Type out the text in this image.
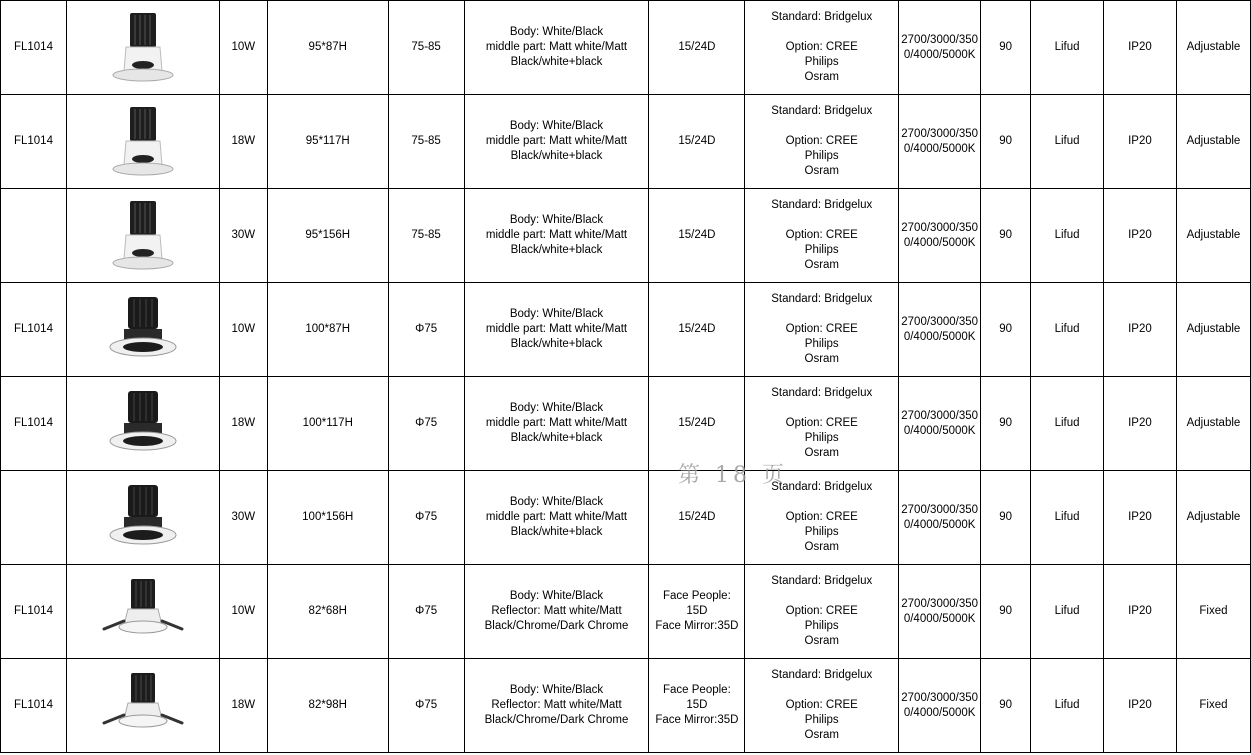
FL1014		10W	95*87H	75-85	Body: White/Black
middle part: Matt white/Matt
Black/white+black	15/24D	Standard: Bridgelux
Option: CREE
Philips
Osram	2700/3000/350
0/4000/5000K	90	Lifud	IP20	Adjustable
FL1014		18W	95*117H	75-85	Body: White/Black
middle part: Matt white/Matt
Black/white+black	15/24D	Standard: Bridgelux
Option: CREE
Philips
Osram	2700/3000/350
0/4000/5000K	90	Lifud	IP20	Adjustable

	30W	95*156H	75-85	Body: White/Black
middle part: Matt white/Matt
Black/white+black	15/24D	Standard: Bridgelux
Option: CREE
Philips
Osram	2700/3000/350
0/4000/5000K	90	Lifud	IP20	Adjustable
FL1014		10W	100*87H	Φ75	Body: White/Black
middle part: Matt white/Matt
Black/white+black	15/24D	Standard: Bridgelux
Option: CREE
Philips
Osram	2700/3000/350
0/4000/5000K	90	Lifud	IP20	Adjustable
FL1014		18W	100*117H	Φ75	Body: White/Black
middle part: Matt white/Matt
Black/white+black	15/24D	Standard: Bridgelux
Option: CREE
Philips
Osram	2700/3000/350
0/4000/5000K	90	Lifud	IP20	Adjustable

	30W	100*156H	Φ75	Body: White/Black
middle part: Matt white/Matt
Black/white+black	15/24D	Standard: Bridgelux
Option: CREE
Philips
Osram	2700/3000/350
0/4000/5000K	90	Lifud	IP20	Adjustable
FL1014		10W	82*68H	Φ75	Body: White/Black
Reflector: Matt white/Matt
Black/Chrome/Dark Chrome	Face People: 15D
Face Mirror:35D	Standard: Bridgelux
Option: CREE
Philips
Osram	2700/3000/350
0/4000/5000K	90	Lifud	IP20	Fixed
FL1014		18W	82*98H	Φ75	Body: White/Black
Reflector: Matt white/Matt
Black/Chrome/Dark Chrome	Face People: 15D
Face Mirror:35D	Standard: Bridgelux
Option: CREE
Philips
Osram	2700/3000/350
0/4000/5000K	90	Lifud	IP20	Fixed
第 18 页
